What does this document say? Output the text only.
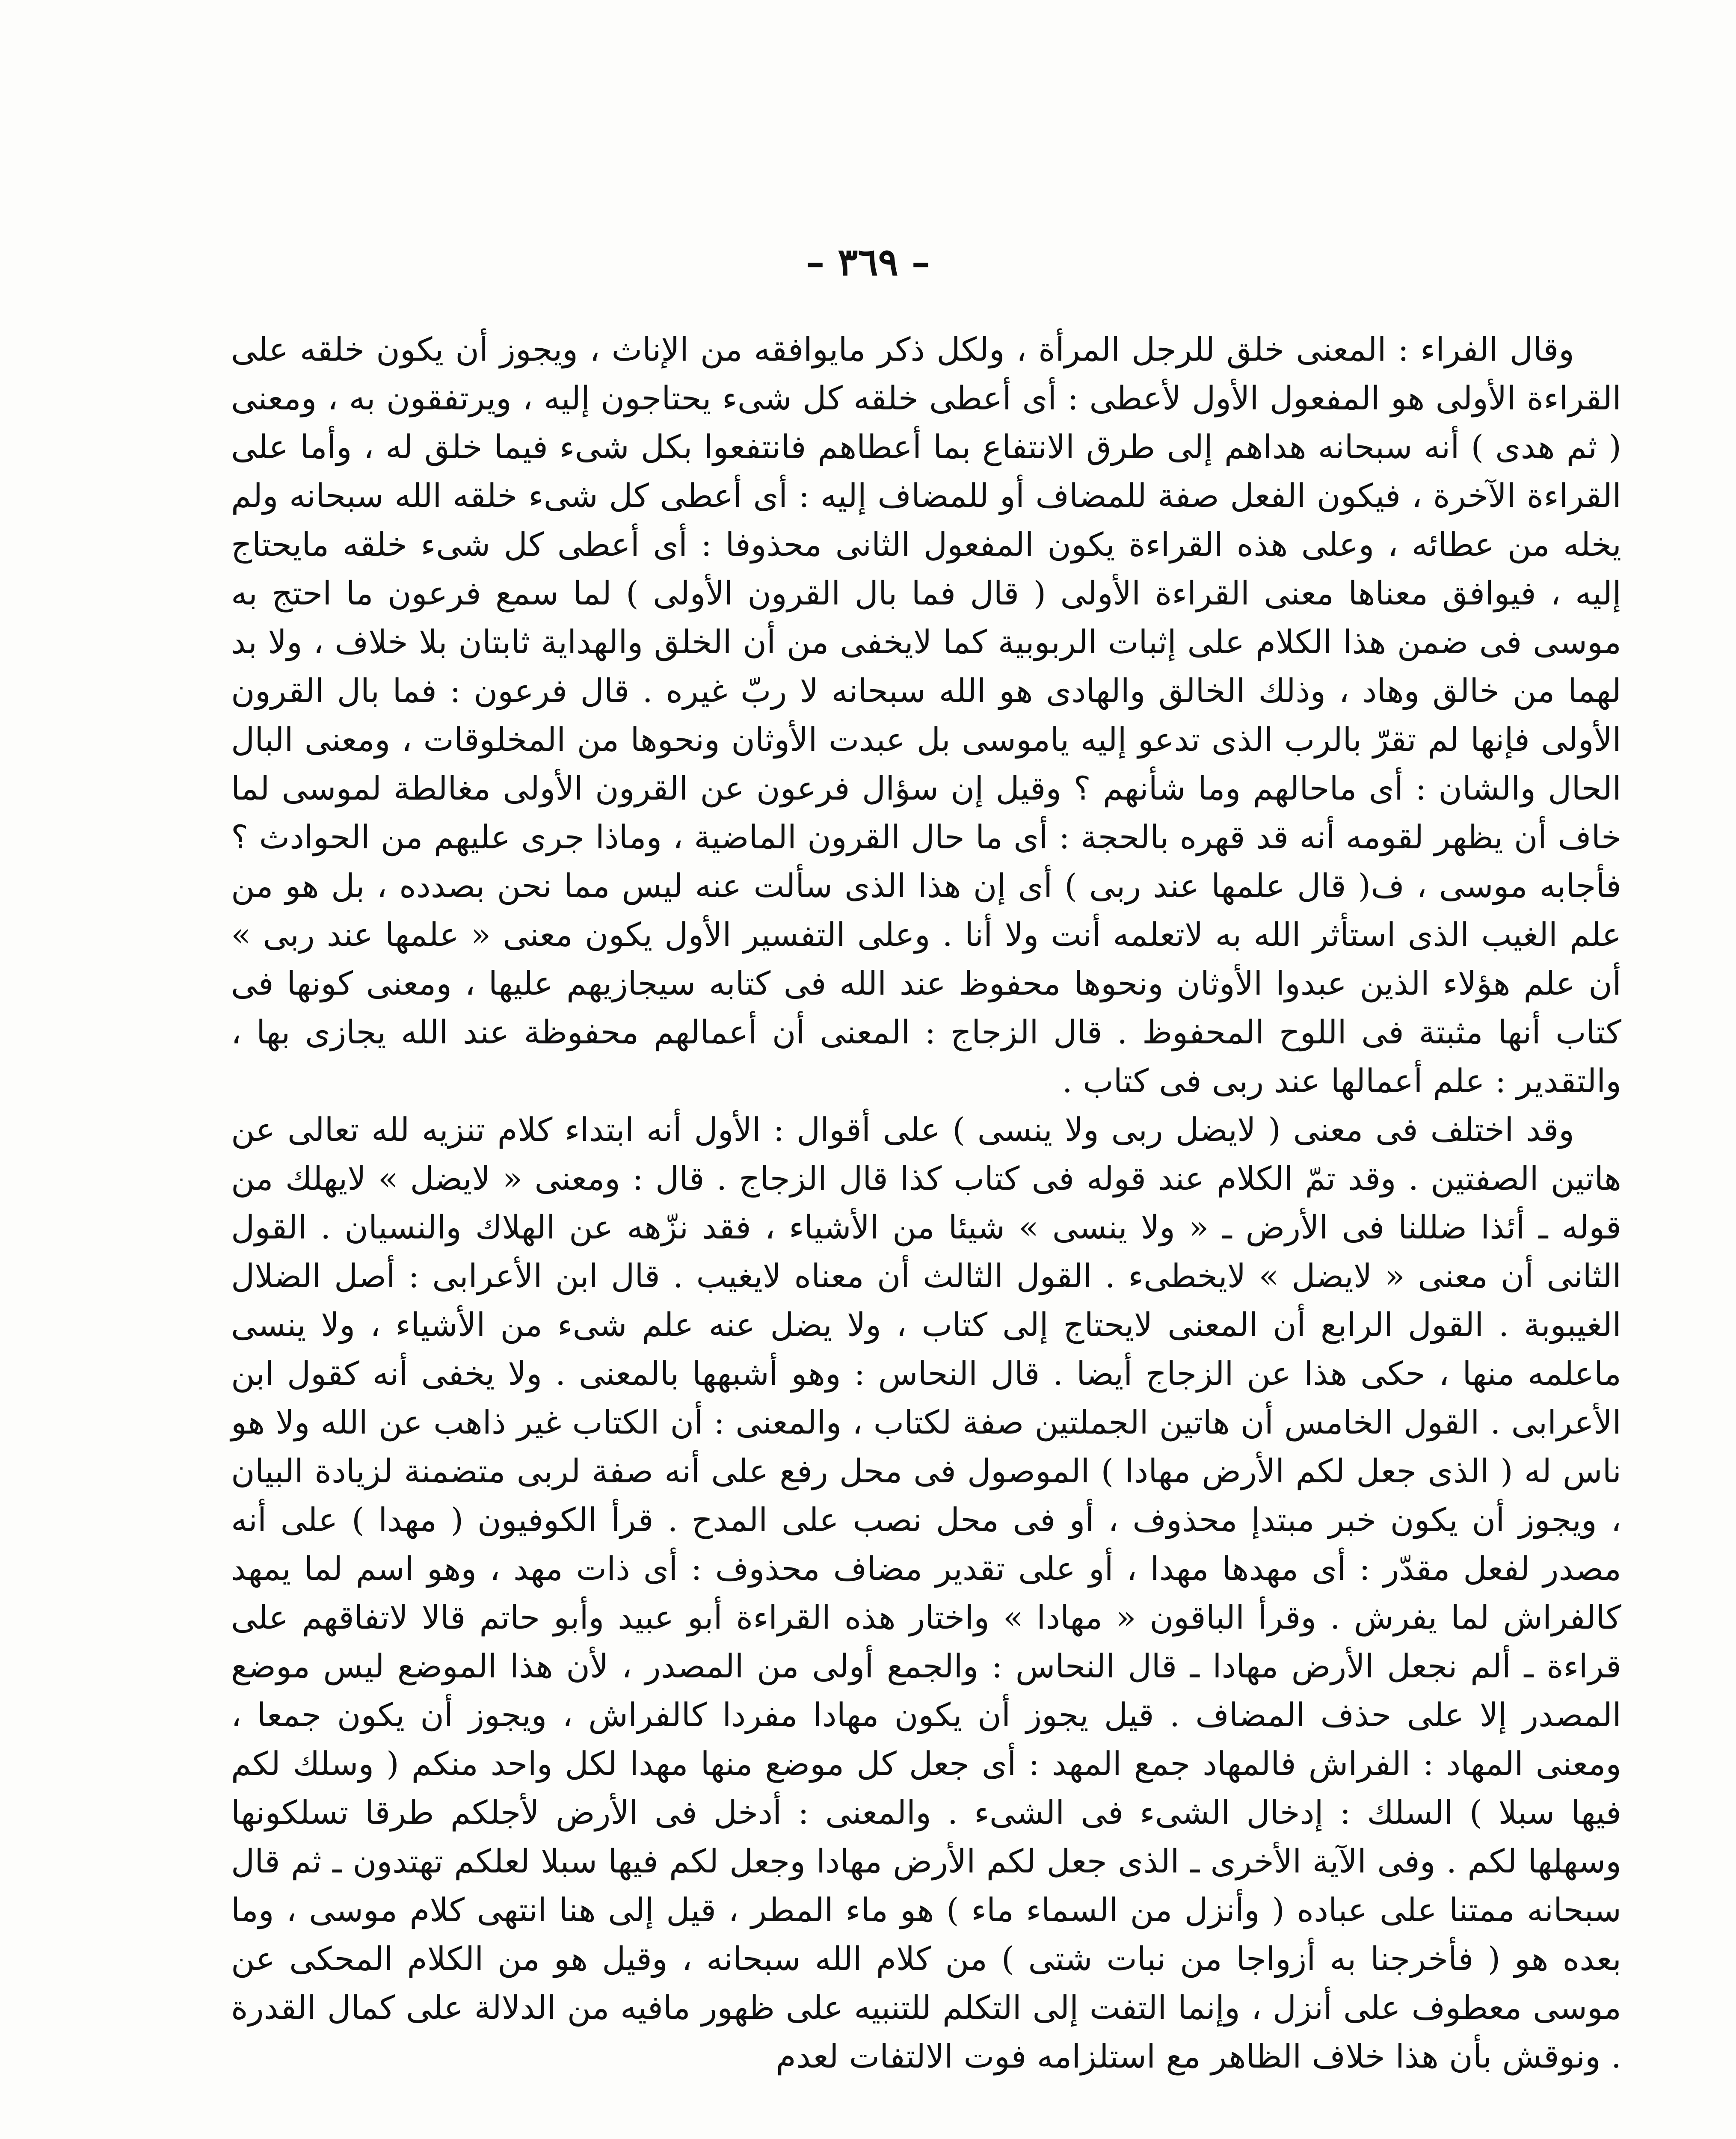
– ٣٦٩ –

وقال الفراء : المعنى خلق للرجل المرأة ، ولكل ذكر مايوافقه من الإناث ، ويجوز أن يكون خلقه على القراءة الأولى هو المفعول الأول لأعطى : أى أعطى خلقه كل شىء يحتاجون إليه ، ويرتفقون به ، ومعنى ( ثم هدى ) أنه سبحانه هداهم إلى طرق الانتفاع بما أعطاهم فانتفعوا بكل شىء فيما خلق له ، وأما على القراءة الآخرة ، فيكون الفعل صفة للمضاف أو للمضاف إليه : أى أعطى كل شىء خلقه الله سبحانه ولم يخله من عطائه ، وعلى هذه القراءة يكون المفعول الثانى محذوفا : أى أعطى كل شىء خلقه مايحتاج إليه ، فيوافق معناها معنى القراءة الأولى ( قال فما بال القرون الأولى ) لما سمع فرعون ما احتج به موسى فى ضمن هذا الكلام على إثبات الربوبية كما لايخفى من أن الخلق والهداية ثابتان بلا خلاف ، ولا بد لهما من خالق وهاد ، وذلك الخالق والهادى هو الله سبحانه لا ربّ غيره . قال فرعون : فما بال القرون الأولى فإنها لم تقرّ بالرب الذى تدعو إليه ياموسى بل عبدت الأوثان ونحوها من المخلوقات ، ومعنى البال الحال والشان : أى ماحالهم وما شأنهم ؟ وقيل إن سؤال فرعون عن القرون الأولى مغالطة لموسى لما خاف أن يظهر لقومه أنه قد قهره بالحجة : أى ما حال القرون الماضية ، وماذا جرى عليهم من الحوادث ؟ فأجابه موسى ، ف( قال علمها عند ربى ) أى إن هذا الذى سألت عنه ليس مما نحن بصدده ، بل هو من علم الغيب الذى استأثر الله به لاتعلمه أنت ولا أنا . وعلى التفسير الأول يكون معنى « علمها عند ربى » أن علم هؤلاء الذين عبدوا الأوثان ونحوها محفوظ عند الله فى كتابه سيجازيهم عليها ، ومعنى كونها فى كتاب أنها مثبتة فى اللوح المحفوظ . قال الزجاج : المعنى أن أعمالهم محفوظة عند الله يجازى بها ، والتقدير : علم أعمالها عند ربى فى كتاب .

وقد اختلف فى معنى ( لايضل ربى ولا ينسى ) على أقوال : الأول أنه ابتداء كلام تنزيه لله تعالى عن هاتين الصفتين . وقد تمّ الكلام عند قوله فى كتاب كذا قال الزجاج . قال : ومعنى « لايضل » لايهلك من قوله ـ أئذا ضللنا فى الأرض ـ « ولا ينسى » شيئا من الأشياء ، فقد نزّهه عن الهلاك والنسيان . القول الثانى أن معنى « لايضل » لايخطىء . القول الثالث أن معناه لايغيب . قال ابن الأعرابى : أصل الضلال الغيبوبة . القول الرابع أن المعنى لايحتاج إلى كتاب ، ولا يضل عنه علم شىء من الأشياء ، ولا ينسى ماعلمه منها ، حكى هذا عن الزجاج أيضا . قال النحاس : وهو أشبهها بالمعنى . ولا يخفى أنه كقول ابن الأعرابى . القول الخامس أن هاتين الجملتين صفة لكتاب ، والمعنى : أن الكتاب غير ذاهب عن الله ولا هو ناس له ( الذى جعل لكم الأرض مهادا ) الموصول فى محل رفع على أنه صفة لربى متضمنة لزيادة البيان ، ويجوز أن يكون خبر مبتدإ محذوف ، أو فى محل نصب على المدح . قرأ الكوفيون ( مهدا ) على أنه مصدر لفعل مقدّر : أى مهدها مهدا ، أو على تقدير مضاف محذوف : أى ذات مهد ، وهو اسم لما يمهد كالفراش لما يفرش . وقرأ الباقون « مهادا » واختار هذه القراءة أبو عبيد وأبو حاتم قالا لاتفاقهم على قراءة ـ ألم نجعل الأرض مهادا ـ قال النحاس : والجمع أولى من المصدر ، لأن هذا الموضع ليس موضع المصدر إلا على حذف المضاف . قيل يجوز أن يكون مهادا مفردا كالفراش ، ويجوز أن يكون جمعا ، ومعنى المهاد : الفراش فالمهاد جمع المهد : أى جعل كل موضع منها مهدا لكل واحد منكم ( وسلك لكم فيها سبلا ) السلك : إدخال الشىء فى الشىء . والمعنى : أدخل فى الأرض لأجلكم طرقا تسلكونها وسهلها لكم . وفى الآية الأخرى ـ الذى جعل لكم الأرض مهادا وجعل لكم فيها سبلا لعلكم تهتدون ـ ثم قال سبحانه ممتنا على عباده ( وأنزل من السماء ماء ) هو ماء المطر ، قيل إلى هنا انتهى كلام موسى ، وما بعده هو ( فأخرجنا به أزواجا من نبات شتى ) من كلام الله سبحانه ، وقيل هو من الكلام المحكى عن موسى معطوف على أنزل ، وإنما التفت إلى التكلم للتنبيه على ظهور مافيه من الدلالة على كمال القدرة . ونوقش بأن هذا خلاف الظاهر مع استلزامه فوت الالتفات لعدم
